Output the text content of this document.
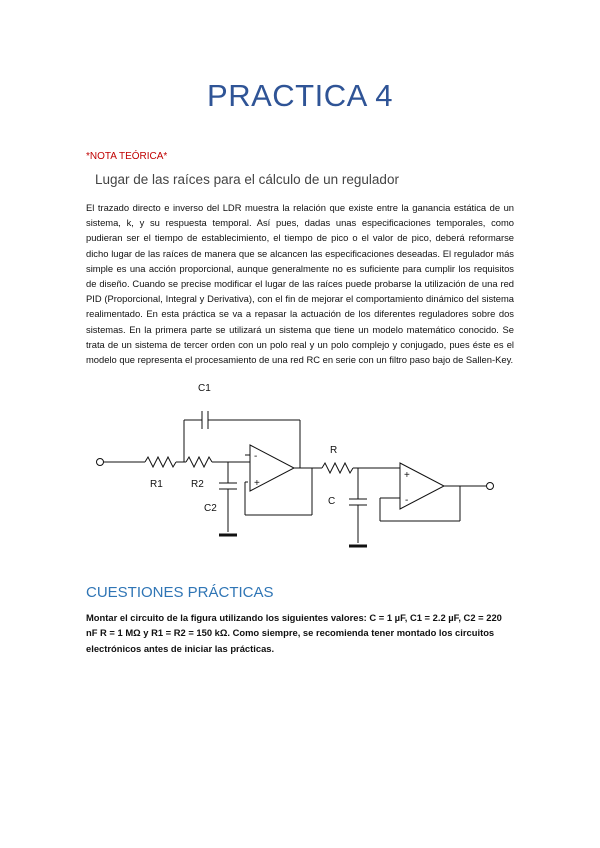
PRACTICA 4

*NOTA TEÓRICA*

Lugar de las raíces para el cálculo de un regulador

El trazado directo e inverso del LDR muestra la relación que existe entre la ganancia estática de un sistema, k, y su respuesta temporal. Así pues, dadas unas especificaciones temporales, como pudieran ser el tiempo de establecimiento, el tiempo de pico o el valor de pico, deberá reformarse dicho lugar de las raíces de manera que se alcancen las especificaciones deseadas. El regulador más simple es una acción proporcional, aunque generalmente no es suficiente para cumplir los requisitos de diseño. Cuando se precise modificar el lugar de las raíces puede probarse la utilización de una red PID (Proporcional, Integral y Derivativa), con el fin de mejorar el comportamiento dinámico del sistema realimentado. En esta práctica se va a repasar la actuación de los diferentes reguladores sobre dos sistemas. En la primera parte se utilizará un sistema que tiene un modelo matemático conocido. Se trata de un sistema de tercer orden con un polo real y un polo complejo y conjugado, pues éste es el modelo que representa el procesamiento de una red RC en serie con un filtro paso bajo de Sallen-Key.

C1
R1	R2
C2
R
C
-
+
+
-
CUESTIONES PRÁCTICAS

Montar el circuito de la figura utilizando los siguientes valores: C = 1 µF, C1 = 2.2 µF, C2 = 220 nF R = 1 MΩ y R1 = R2 = 150 kΩ. Como siempre, se recomienda tener montado los circuitos electrónicos antes de iniciar las prácticas.
